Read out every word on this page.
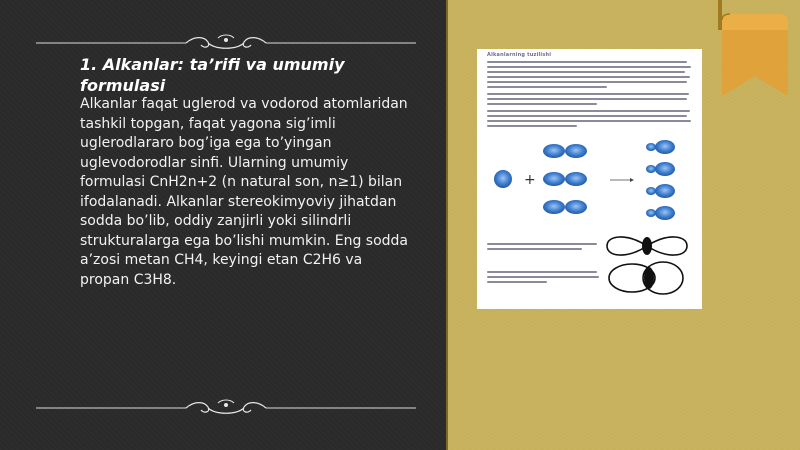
1. Alkanlar: ta’rifi va umumiy formulasi
Alkanlar faqat uglerod va vodorod atomlaridan tashkil topgan, faqat yagona sig’imli uglerodlararo bog’iga ega to’yingan uglevodorodlar sinfi. Ularning umumiy formulasi CnH2n+2 (n natural son, n≥1) bilan ifodalanadi. Alkanlar stereokimyoviy jihatdan sodda bo’lib, oddiy zanjirli yoki silindrli strukturalarga ega bo’lishi mumkin. Eng sodda a’zosi metan CH4, keyingi etan C2H6 va propan C3H8.
Alkanlarning tuzilishi
+
